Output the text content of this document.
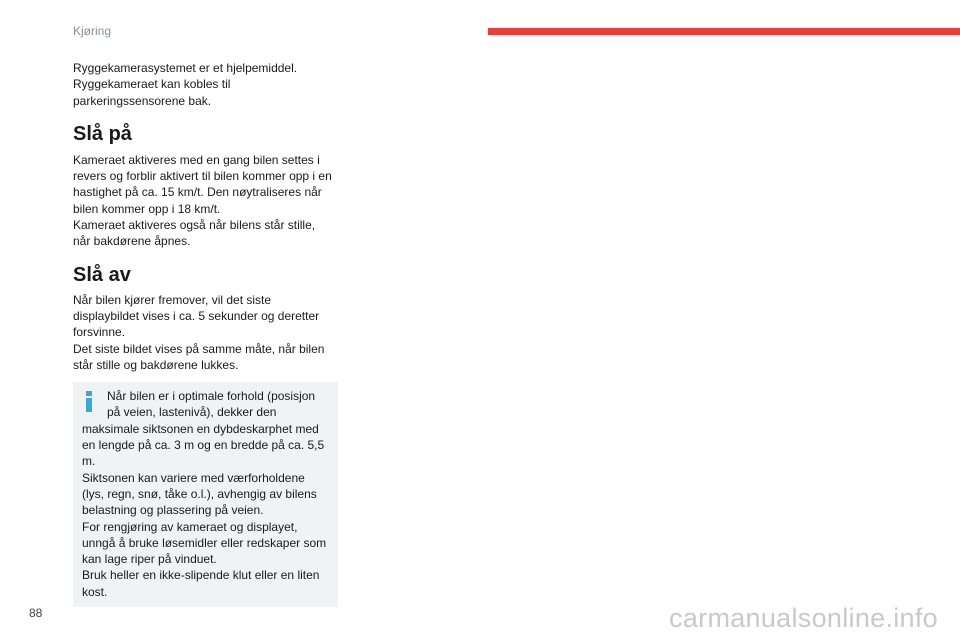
Kjøring

Ryggekamerasystemet er et hjelpemiddel.

Ryggekameraet kan kobles til

parkeringssensorene bak.

Slå på

Kameraet aktiveres med en gang bilen settes i

revers og forblir aktivert til bilen kommer opp i en

hastighet på ca. 15 km/t. Den nøytraliseres når

bilen kommer opp i 18 km/t.

Kameraet aktiveres også når bilens står stille,

når bakdørene åpnes.

Slå av

Når bilen kjører fremover, vil det siste

displaybildet vises i ca. 5 sekunder og deretter

forsvinne.

Det siste bildet vises på samme måte, når bilen

står stille og bakdørene lukkes.

Når bilen er i optimale forhold (posisjon

på veien, lastenivå), dekker den

maksimale siktsonen en dybdeskarphet med

en lengde på ca. 3 m og en bredde på ca. 5,5

m.

Siktsonen kan variere med værforholdene

(lys, regn, snø, tåke o.l.), avhengig av bilens

belastning og plassering på veien.

For rengjøring av kameraet og displayet,

unngå å bruke løsemidler eller redskaper som

kan lage riper på vinduet.

Bruk heller en ikke-slipende klut eller en liten

kost.

88	carmanualsonline.info
